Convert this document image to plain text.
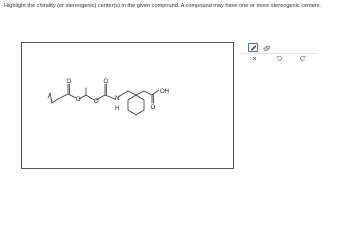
Highlight the chirality (or stereogenic) center(s) in the given compound. A compound may have one or more stereogenic centers.
O
O O
O
N
H
OH
O
